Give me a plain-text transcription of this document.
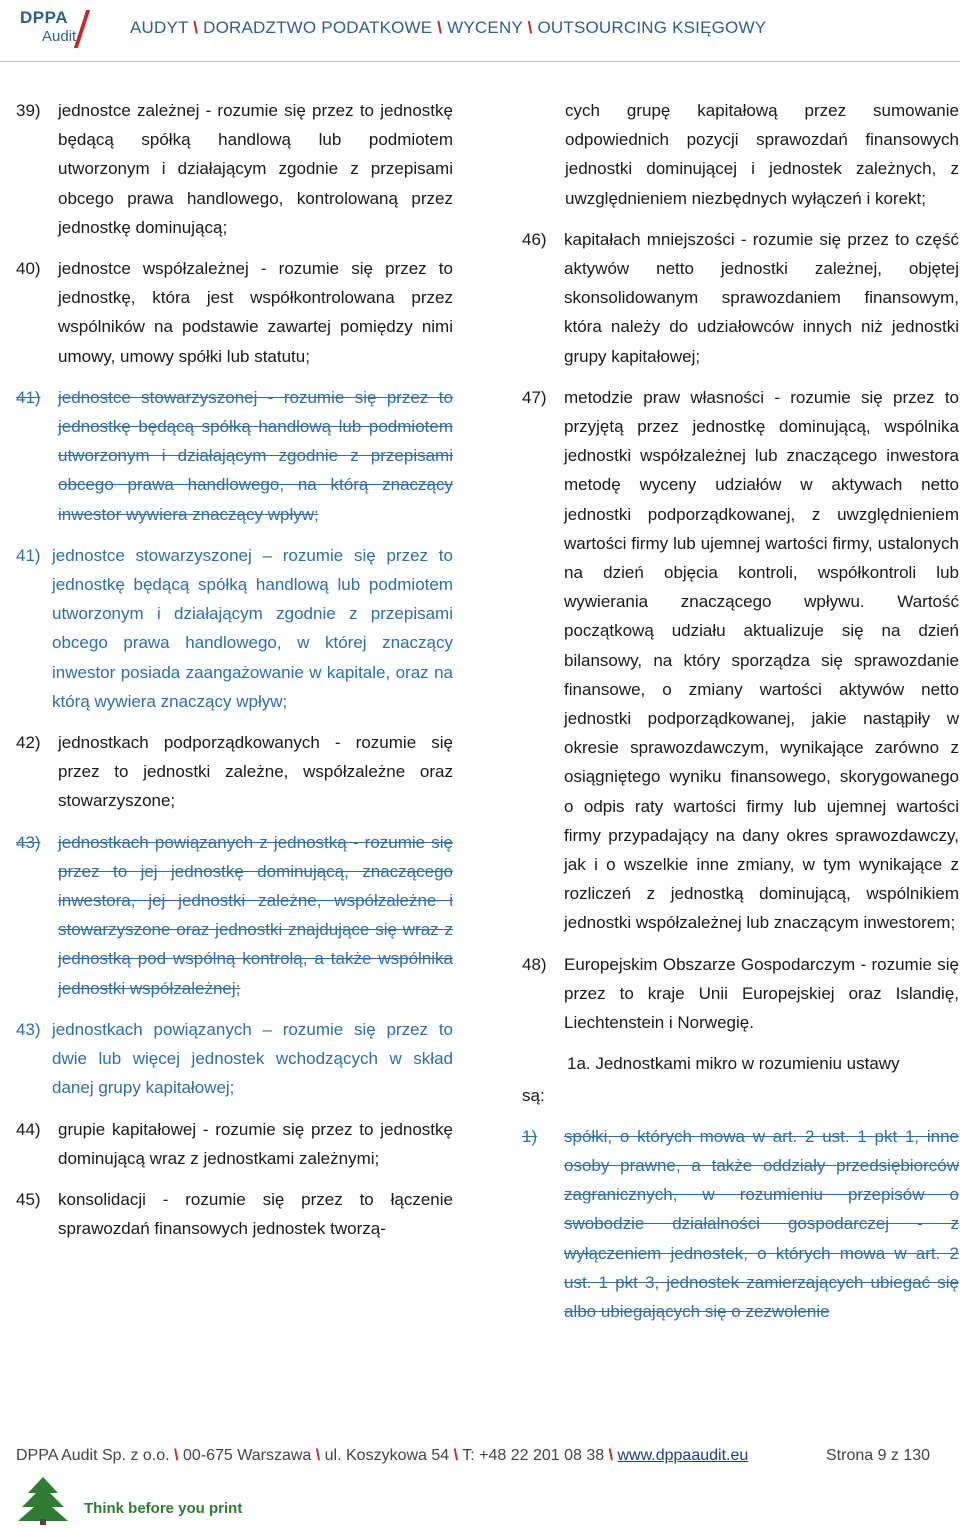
DPPA
Audit	AUDYT \ DORADZTWO PODATKOWE \ WYCENY \ OUTSOURCING KSIĘGOWY
39)	jednostce zależnej - rozumie się przez to jednostkę będącą spółką handlową lub podmiotem utworzonym i działającym zgodnie z przepisami obcego prawa handlowego, kontrolowaną przez jednostkę dominującą;
40)	jednostce współzależnej - rozumie się przez to jednostkę, która jest współkontrolowana przez wspólników na podstawie zawartej pomiędzy nimi umowy, umowy spółki lub statutu;
41)	jednostce stowarzyszonej - rozumie się przez to jednostkę będącą spółką handlową lub podmiotem utworzonym i działającym zgodnie z przepisami obcego prawa handlowego, na którą znaczący inwestor wywiera znaczący wpływ;
41) jednostce stowarzyszonej – rozumie się przez to jednostkę będącą spółką handlową lub podmiotem utworzonym i działającym zgodnie z przepisami obcego prawa handlowego, w której znaczący inwestor posiada zaangażowanie w kapitale, oraz na którą wywiera znaczący wpływ;
42)	jednostkach podporządkowanych - rozumie się przez to jednostki zależne, współzależne oraz stowarzyszone;
43)	jednostkach powiązanych z jednostką - rozumie się przez to jej jednostkę dominującą, znaczącego inwestora, jej jednostki zależne, współzależne i stowarzyszone oraz jednostki znajdujące się wraz z jednostką pod wspólną kontrolą, a także wspólnika jednostki współzależnej;
43) jednostkach powiązanych – rozumie się przez to dwie lub więcej jednostek wchodzących w skład danej grupy kapitałowej;
44)	grupie kapitałowej - rozumie się przez to jednostkę dominującą wraz z jednostkami zależnymi;
45)	konsolidacji - rozumie się przez to łączenie sprawozdań finansowych jednostek tworzą-
cych grupę kapitałową przez sumowanie odpowiednich pozycji sprawozdań finansowych jednostki dominującej i jednostek zależnych, z uwzględnieniem niezbędnych wyłączeń i korekt;
46)	kapitałach mniejszości - rozumie się przez to część aktywów netto jednostki zależnej, objętej skonsolidowanym sprawozdaniem finansowym, która należy do udziałowców innych niż jednostki grupy kapitałowej;
47)	metodzie praw własności - rozumie się przez to przyjętą przez jednostkę dominującą, wspólnika jednostki współzależnej lub znaczącego inwestora metodę wyceny udziałów w aktywach netto jednostki podporządkowanej, z uwzględnieniem wartości firmy lub ujemnej wartości firmy, ustalonych na dzień objęcia kontroli, współkontroli lub wywierania znaczącego wpływu. Wartość początkową udziału aktualizuje się na dzień bilansowy, na który sporządza się sprawozdanie finansowe, o zmiany wartości aktywów netto jednostki podporządkowanej, jakie nastąpiły w okresie sprawozdawczym, wynikające zarówno z osiągniętego wyniku finansowego, skorygowanego o odpis raty wartości firmy lub ujemnej wartości firmy przypadający na dany okres sprawozdawczy, jak i o wszelkie inne zmiany, w tym wynikające z rozliczeń z jednostką dominującą, wspólnikiem jednostki współzależnej lub znaczącym inwestorem;
48)	Europejskim Obszarze Gospodarczym - rozumie się przez to kraje Unii Europejskiej oraz Islandię, Liechtenstein i Norwegię.
1a. Jednostkami mikro w rozumieniu ustawy
są:
1)	spółki, o których mowa w art. 2 ust. 1 pkt 1, inne osoby prawne, a także oddziały przedsiębiorców zagranicznych, w rozumieniu przepisów o swobodzie działalności gospodarczej - z wyłączeniem jednostek, o których mowa w art. 2 ust. 1 pkt 3, jednostek zamierzających ubiegać się albo ubiegających się o zezwolenie
DPPA Audit Sp. z o.o. \ 00-675 Warszawa \ ul. Koszykowa 54 \ T: +48 22 201 08 38 \ www.dppaaudit.eu	Strona 9 z 130
Think before you print
